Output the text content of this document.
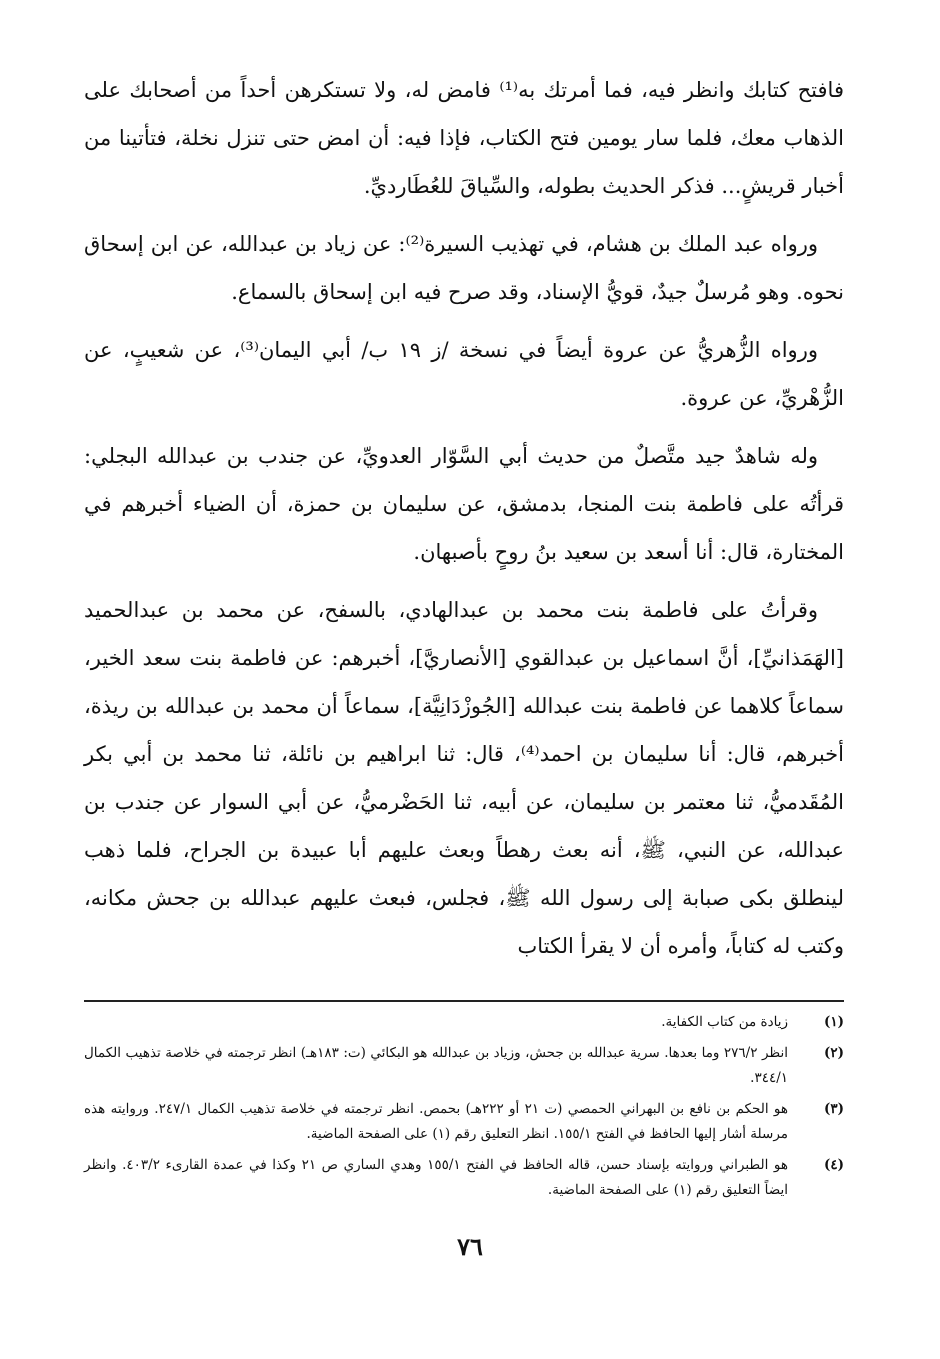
فافتح كتابك وانظر فيه، فما أمرتك به⁽¹⁾ فامض له، ولا تستكرهن أحداً من أصحابك على الذهاب معك، فلما سار يومين فتح الكتاب، فإذا فيه: أن امض حتى تنزل نخلة، فتأتينا من أخبار قريشٍ... فذكر الحديث بطوله، والسِّياقَ للعُطَارديِّ.

ورواه عبد الملك بن هشام، في تهذيب السيرة⁽²⁾: عن زياد بن عبدالله، عن ابن إسحاق نحوه. وهو مُرسلٌ جيدٌ، قويُّ الإسناد، وقد صرح فيه ابن إسحاق بالسماع.

ورواه الزُّهريُّ عن عروة أيضاً في نسخة /ز ١٩ ب/ أبي اليمان⁽³⁾، عن شعيبٍ، عن الزُّهْريِّ، عن عروة.

وله شاهدٌ جيد متَّصلٌ من حديث أبي السَّوّار العدويِّ، عن جندب بن عبدالله البجلي: قرأتُه على فاطمة بنت المنجا، بدمشق، عن سليمان بن حمزة، أن الضياء أخبرهم في المختارة، قال: أنا أسعد بن سعيد بنُ روحٍ بأصبهان.

وقرأتُ على فاطمة بنت محمد بن عبدالهادي، بالسفح، عن محمد بن عبدالحميد [الهَمَذانيِّ]، أنَّ اسماعيل بن عبدالقوي [الأنصاريَّ]، أخبرهم: عن فاطمة بنت سعد الخير، سماعاً كلاهما عن فاطمة بنت عبدالله [الجُوزْدَانِيَّة]، سماعاً أن محمد بن عبدالله بن ريذة، أخبرهم، قال: أنا سليمان بن احمد⁽⁴⁾، قال: ثنا ابراهيم بن نائلة، ثنا محمد بن أبي بكر المُقَدميُّ، ثنا معتمر بن سليمان، عن أبيه، ثنا الحَضْرميُّ، عن أبي السوار عن جندب بن عبدالله، عن النبي، ﷺ، أنه بعث رهطاً وبعث عليهم أبا عبيدة بن الجراح، فلما ذهب لينطلق بكى صبابة إلى رسول الله ﷺ، فجلس، فبعث عليهم عبدالله بن جحش مكانه، وكتب له كتاباً، وأمره أن لا يقرأ الكتاب

(١)
زيادة من كتاب الكفاية.
(٢)
انظر ٢٧٦/٢ وما بعدها. سرية عبدالله بن جحش، وزياد بن عبدالله هو البكائي (ت: ١٨٣هـ) انظر ترجمته في خلاصة تذهيب الكمال ٣٤٤/١.
(٣)
هو الحكم بن نافع بن البهراني الحمصي (ت ٢١ أو ٢٢٢هـ) بحمص. انظر ترجمته في خلاصة تذهيب الكمال ٢٤٧/١. وروايته هذه مرسلة أشار إليها الحافظ في الفتح ١٥٥/١. انظر التعليق رقم (١) على الصفحة الماضية.
(٤)
هو الطبراني وروايته بإسناد حسن، قاله الحافظ في الفتح ١٥٥/١ وهدي الساري ص ٢١ وكذا في عمدة القارىء ٤٠٣/٢. وانظر ايضاً التعليق رقم (١) على الصفحة الماضية.
٧٦
